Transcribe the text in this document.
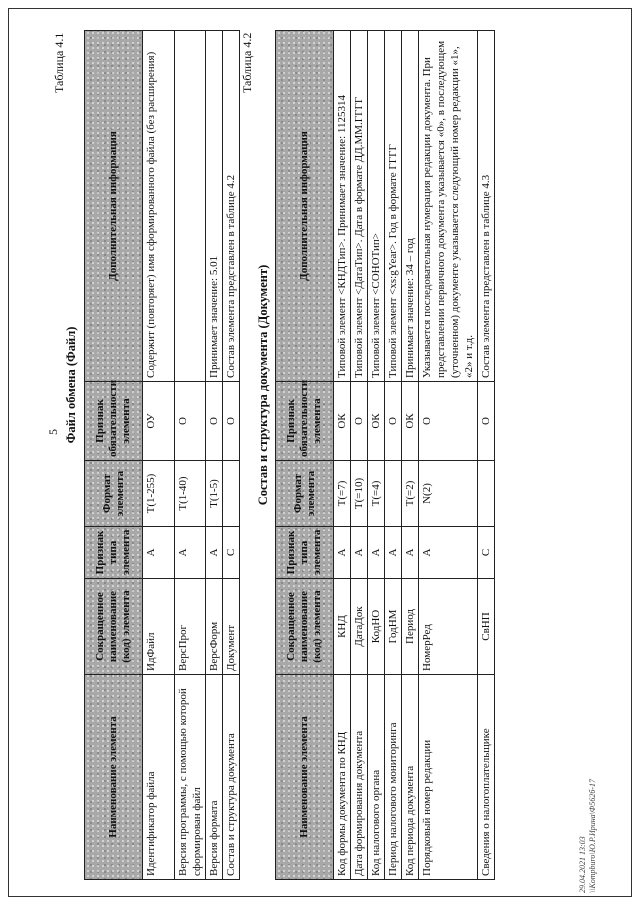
5
Таблица 4.1
Файл обмена (Файл)
Наименование элемента	Сокращенное наименование (код) элемента	Признак типа элемента	Формат элемента	Признак обязательности элемента	Дополнительная информация
Идентификатор файла	ИдФайл	А	Т(1-255)	ОУ	Содержит (повторяет) имя сформированного файла (без расширения)
Версия программы, с помощью которой сформирован файл	ВерсПрог	А	Т(1-40)	О	
Версия формата	ВерсФорм	А	Т(1-5)	О	Принимает значение: 5.01
Состав и структура документа	Документ	С		О	Состав элемента представлен в таблице 4.2
Таблица 4.2
Состав и структура документа (Документ)
Наименование элемента	Сокращенное наименование (код) элемента	Признак типа элемента	Формат элемента	Признак обязательности элемента	Дополнительная информация
Код формы документа по КНД	КНД	А	Т(=7)	ОК	Типовой элемент <КНДТип>. Принимает значение: 1125314
Дата формирования документа	ДатаДок	А	Т(=10)	О	Типовой элемент <ДатаТип>. Дата в формате ДД.ММ.ГГГГ
Код налогового органа	КодНО	А	Т(=4)	ОК	Типовой элемент <СОНОТип>
Период налогового мониторинга	ГодНМ	А		О	Типовой элемент <xs:gYear>. Год в формате ГГГГ
Код периода документа	Период	А	Т(=2)	ОК	Принимает значение: 34 – год
Порядковый номер редакции	НомерРед	А	N(2)	О	Указывается последовательная нумерация редакции документа. При представлении первичного документа указывается «0», в последующем (уточненном) документе указывается следующий номер редакции «1», «2» и т.д.
Сведения о налогоплательщике	СвНП	С		О	Состав элемента представлен в таблице 4.3
29.04.2021 13:03 \\Kompburo\Ю.Р.Ирина\Ф562б-17
